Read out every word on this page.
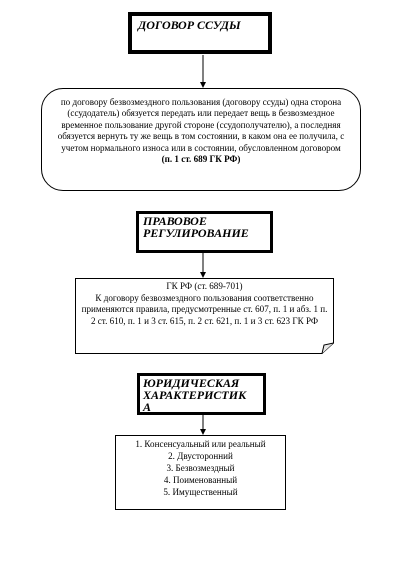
ДОГОВОР ССУДЫ
по договору безвозмездного пользования (договору ссуды) одна сторона (ссудодатель) обязуется передать или передает вещь в безвозмездное временное пользование другой стороне (ссудополучателю), а последняя обязуется вернуть ту же вещь в том состоянии, в каком она ее получила, с учетом нормального износа или в состоянии, обусловленном договором
(п. 1 ст. 689 ГК РФ)
ПРАВОВОЕ
РЕГУЛИРОВАНИЕ
ГК РФ (ст. 689-701)
К договору безвозмездного пользования соответственно применяются правила, предусмотренные ст. 607, п. 1 и абз. 1 п. 2 ст. 610, п. 1 и 3 ст. 615, п. 2 ст. 621, п. 1 и 3 ст. 623 ГК РФ
ЮРИДИЧЕСКАЯ
ХАРАКТЕРИСТИК
А
1. Консенсуальный или реальный
2. Двусторонний
3. Безвозмездный
4. Поименованный
5. Имущественный
